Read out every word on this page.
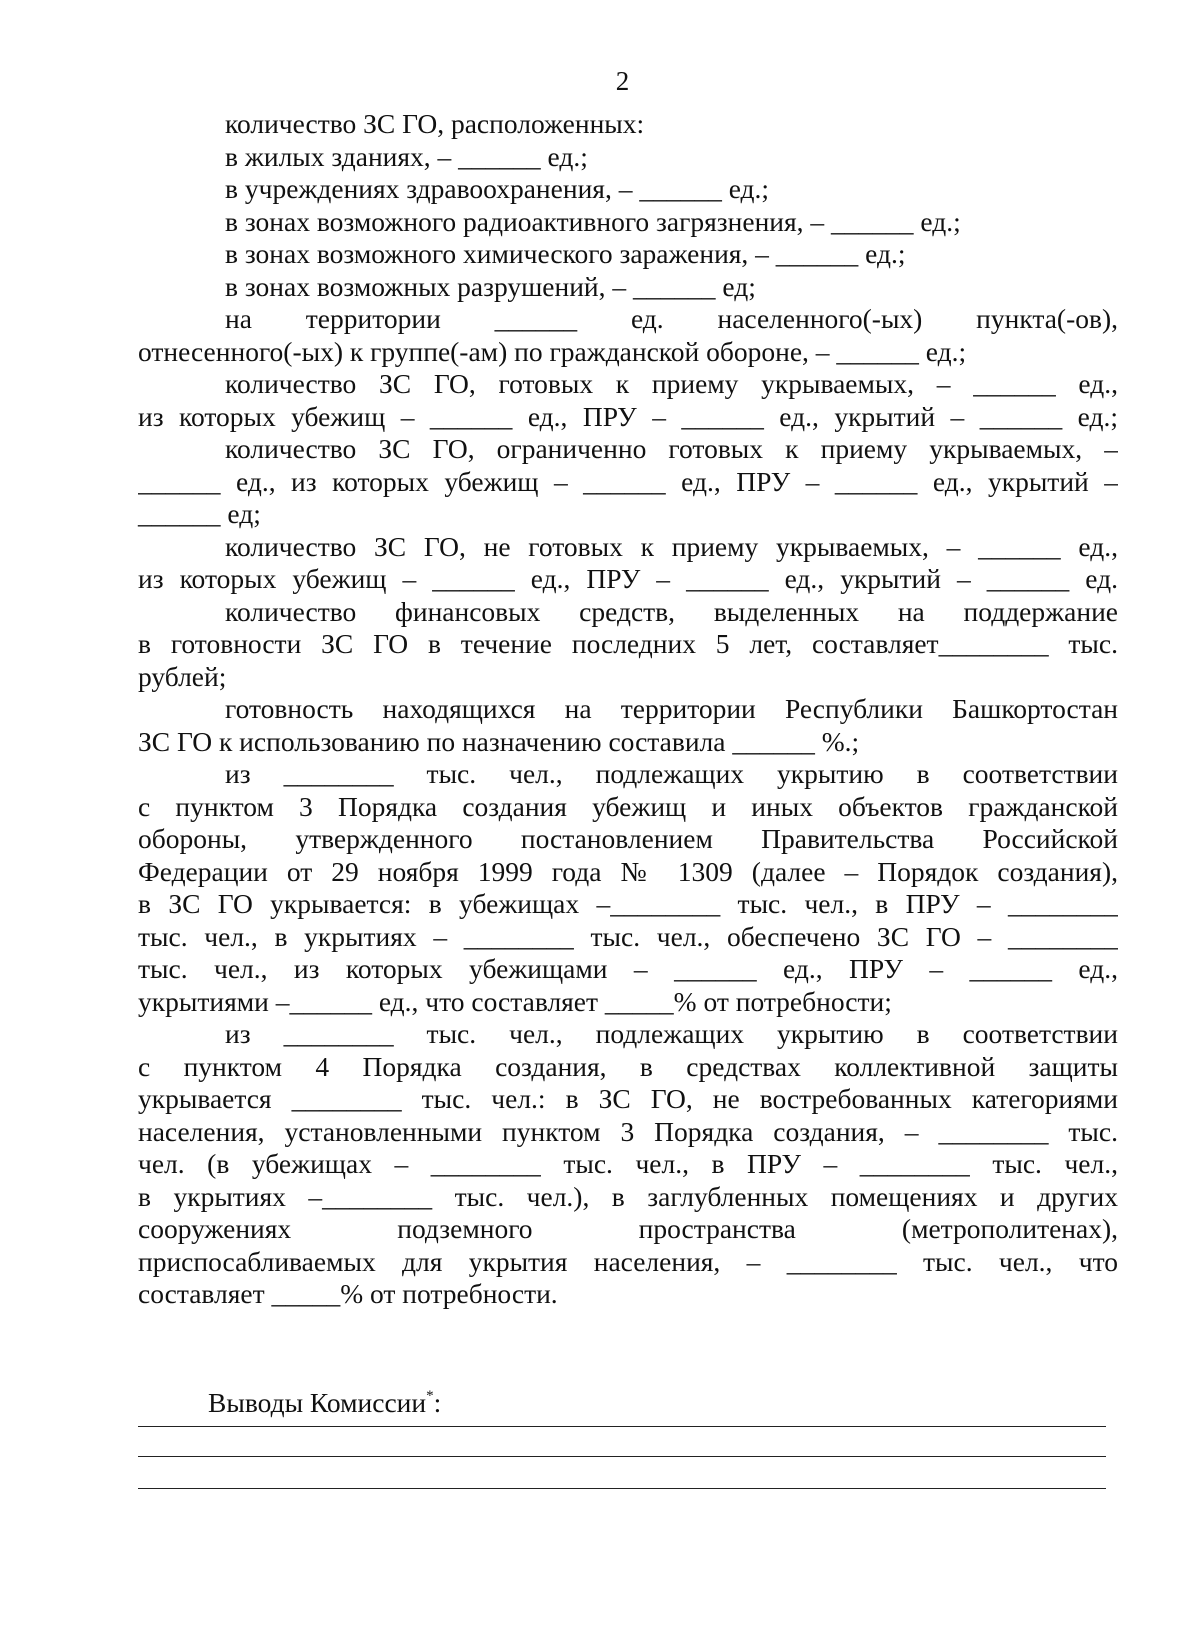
2
количество ЗС ГО, расположенных:
в жилых зданиях, – ______ ед.;
в учреждениях здравоохранения, – ______ ед.;
в зонах возможного радиоактивного загрязнения, – ______ ед.;
в зонах возможного химического заражения, – ______ ед.;
в зонах возможных разрушений, – ______ ед;
на территории ______ ед. населенного(-ых) пункта(-ов),
отнесенного(-ых) к группе(-ам) по гражданской обороне, – ______ ед.;
количество ЗС ГО, готовых к приему укрываемых, – ______ ед.,
из которых убежищ – ______ ед., ПРУ – ______ ед., укрытий – ______ ед.;
количество ЗС ГО, ограниченно готовых к приему укрываемых, –
______ ед., из которых убежищ – ______ ед., ПРУ – ______ ед., укрытий –
______ ед;
количество ЗС ГО, не готовых к приему укрываемых, – ______ ед.,
из которых убежищ – ______ ед., ПРУ – ______ ед., укрытий – ______ ед.
количество финансовых средств, выделенных на поддержание
в готовности ЗС ГО в течение последних 5 лет, составляет________ тыс.
рублей;
готовность находящихся на территории Республики Башкортостан
ЗС ГО к использованию по назначению составила ______ %.;
из ________ тыс. чел., подлежащих укрытию в соответствии
с пунктом 3 Порядка создания убежищ и иных объектов гражданской
обороны, утвержденного постановлением Правительства Российской
Федерации от 29 ноября 1999 года № 1309 (далее – Порядок создания),
в ЗС ГО укрывается: в убежищах –________ тыс. чел., в ПРУ – ________
тыс. чел., в укрытиях – ________ тыс. чел., обеспечено ЗС ГО – ________
тыс. чел., из которых убежищами – ______ ед., ПРУ – ______ ед.,
укрытиями –______ ед., что составляет _____% от потребности;
из ________ тыс. чел., подлежащих укрытию в соответствии
с пунктом 4 Порядка создания, в средствах коллективной защиты
укрывается ________ тыс. чел.: в ЗС ГО, не востребованных категориями
населения, установленными пунктом 3 Порядка создания, – ________ тыс.
чел. (в убежищах – ________ тыс. чел., в ПРУ – ________ тыс. чел.,
в укрытиях –________ тыс. чел.), в заглубленных помещениях и других
сооружениях подземного пространства (метрополитенах),
приспосабливаемых для укрытия населения, – ________ тыс. чел., что
составляет _____% от потребности.
Выводы Комиссии*:
